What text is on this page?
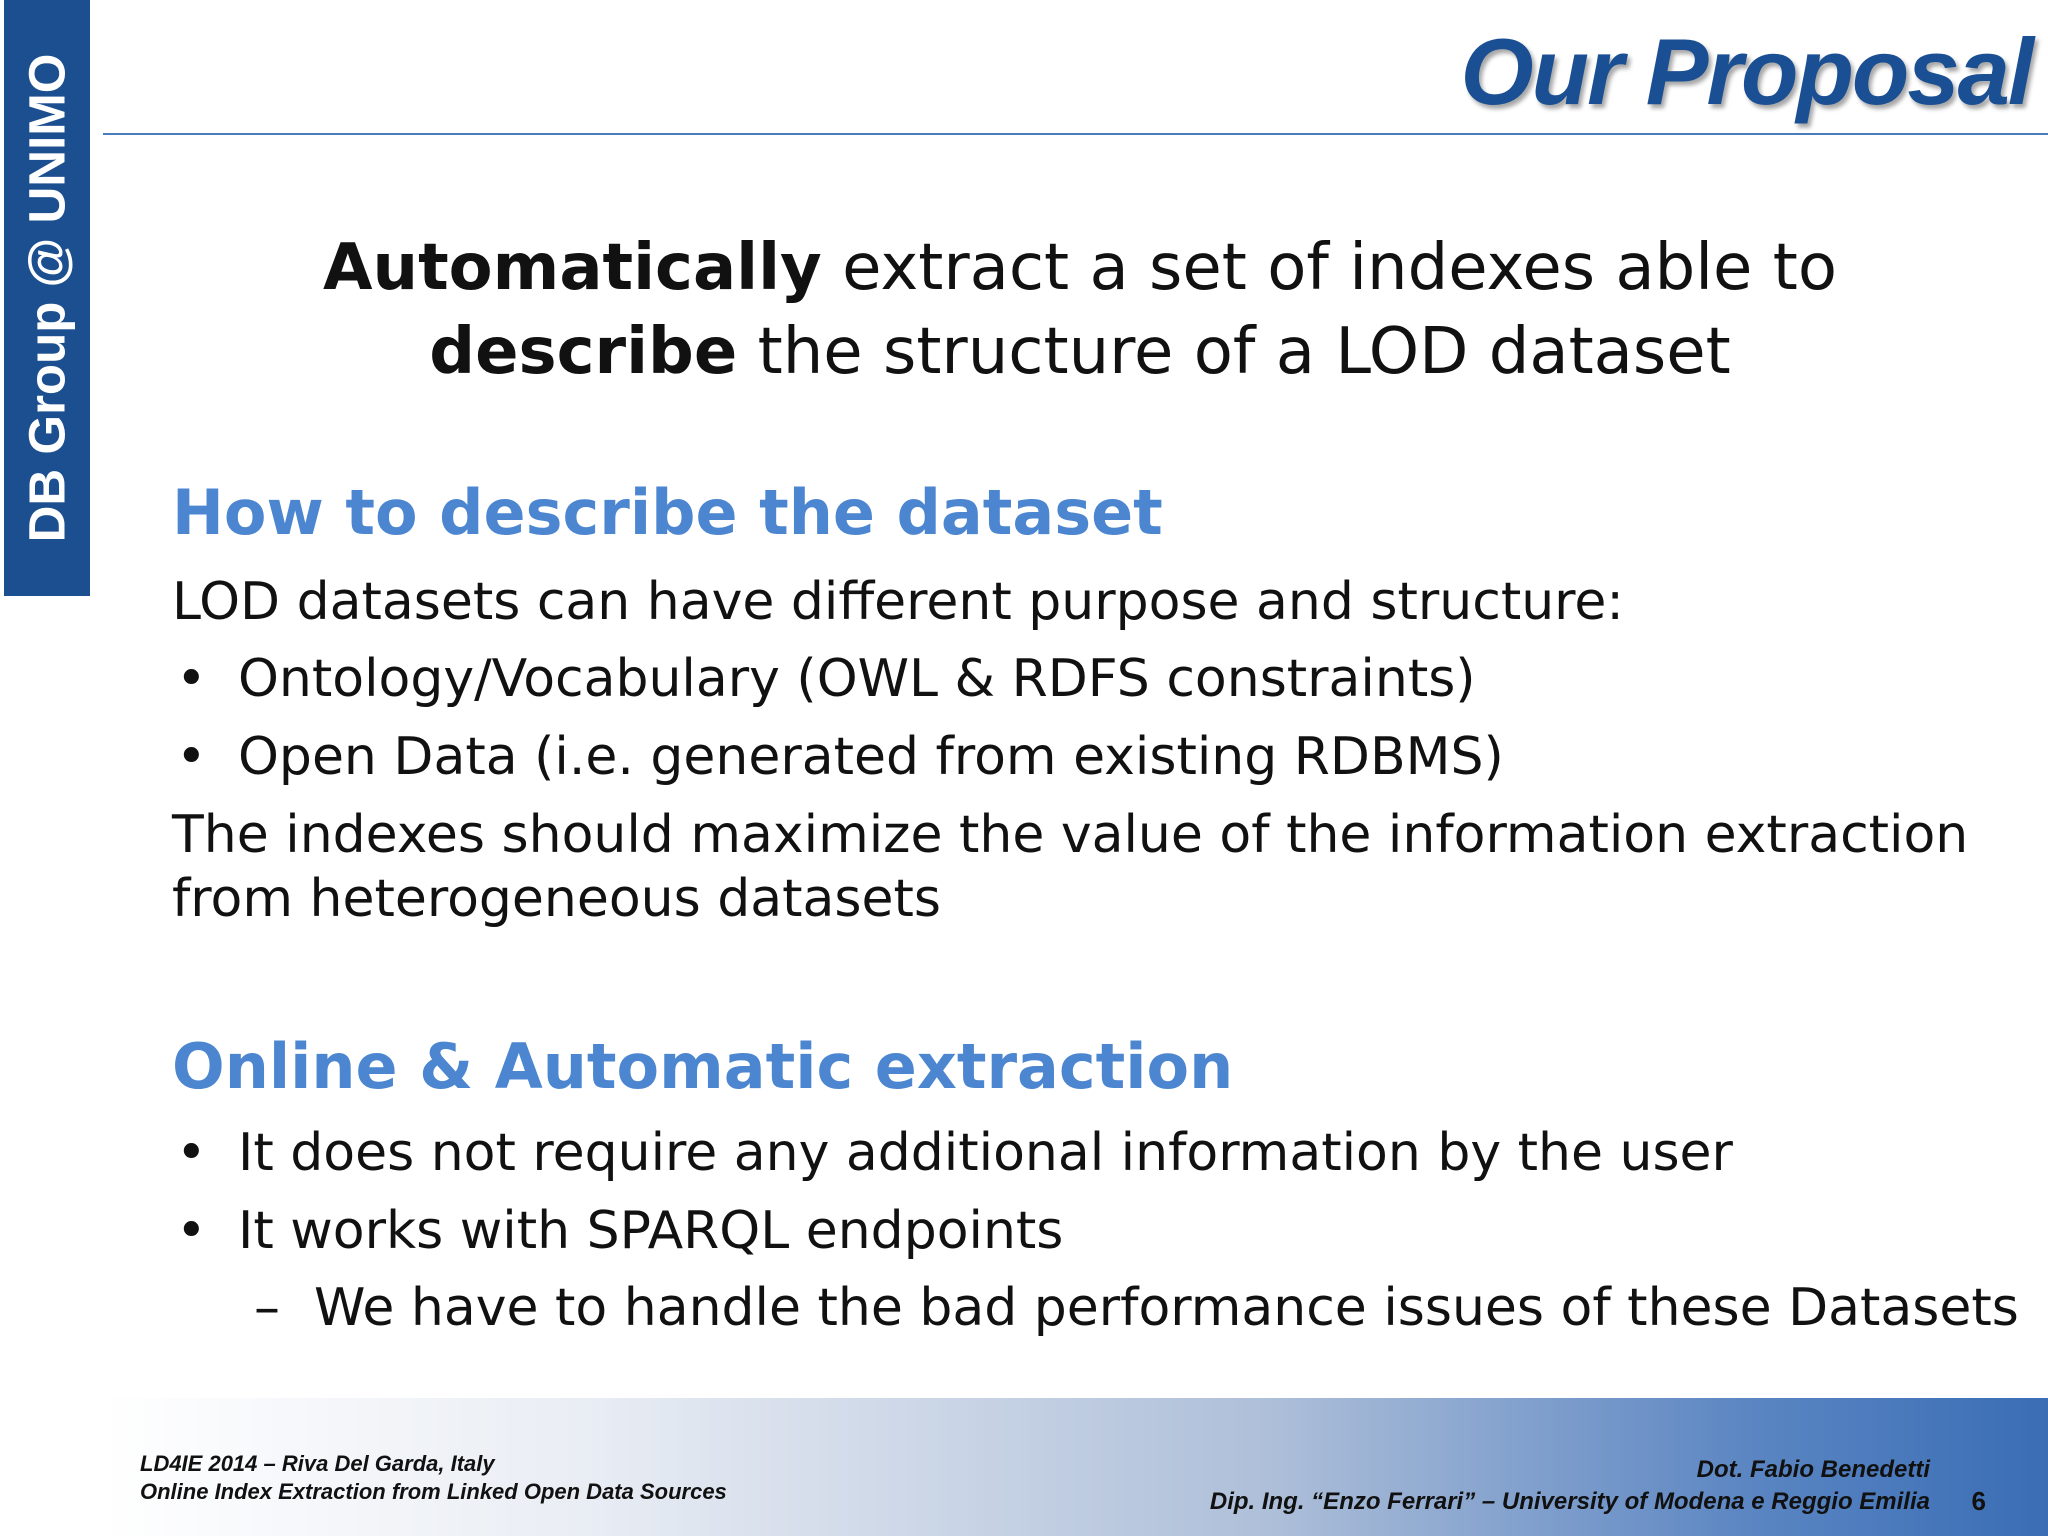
DB Group @ UNIMO	Our Proposal
Automatically extract a set of indexes able to
describe the structure of a LOD dataset
How to describe the dataset
LOD datasets can have different purpose and structure:
• Ontology/Vocabulary (OWL & RDFS constraints)
• Open Data (i.e. generated from existing RDBMS)
The indexes should maximize the value of the information extraction
from heterogeneous datasets
Online & Automatic extraction
• It does not require any additional information by the user
• It works with SPARQL endpoints
– We have to handle the bad performance issues of these Datasets
LD4IE 2014 – Riva Del Garda, Italy
Online Index Extraction from Linked Open Data Sources
Dot. Fabio Benedetti
Dip. Ing. “Enzo Ferrari” – University of Modena e Reggio Emilia 6
